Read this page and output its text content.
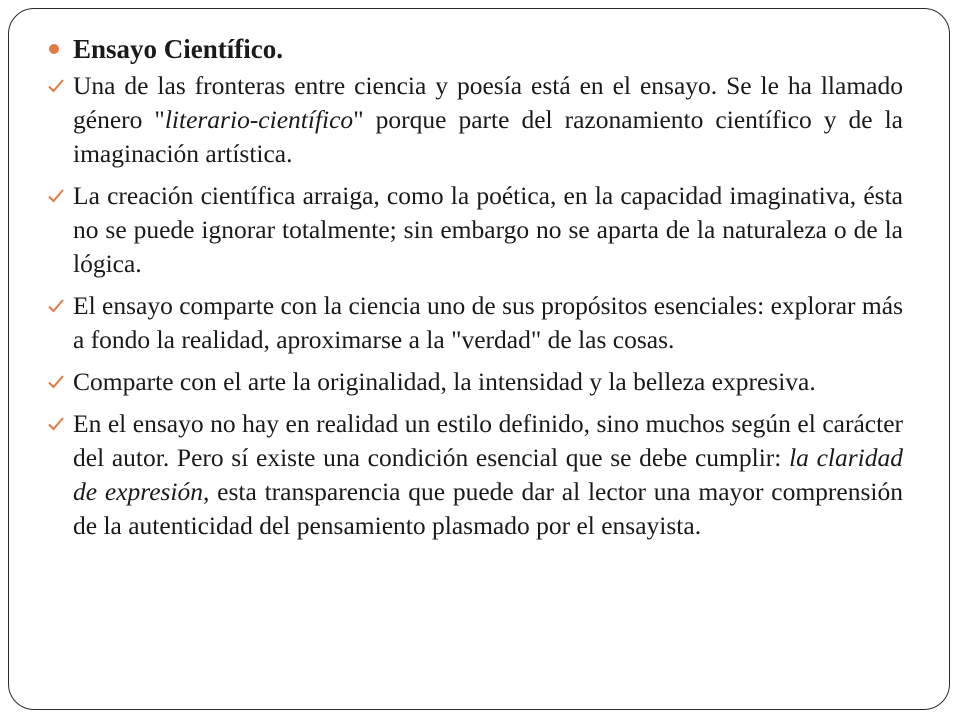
Ensayo Científico.
Una de las fronteras entre ciencia y poesía está en el ensayo. Se le ha llamado género "literario-científico" porque parte del razonamiento científico y de la imaginación artística.
La creación científica arraiga, como la poética, en la capacidad imaginativa, ésta no se puede ignorar totalmente; sin embargo no se aparta de la naturaleza o de la lógica.
El ensayo comparte con la ciencia uno de sus propósitos esenciales: explorar más a fondo la realidad, aproximarse a la "verdad" de las cosas.
Comparte con el arte la originalidad, la intensidad y la belleza expresiva.
En el ensayo no hay en realidad un estilo definido, sino muchos según el carácter del autor. Pero sí existe una condición esencial que se debe cumplir: la claridad de expresión, esta transparencia que puede dar al lector una mayor comprensión de la autenticidad del pensamiento plasmado por el ensayista.
